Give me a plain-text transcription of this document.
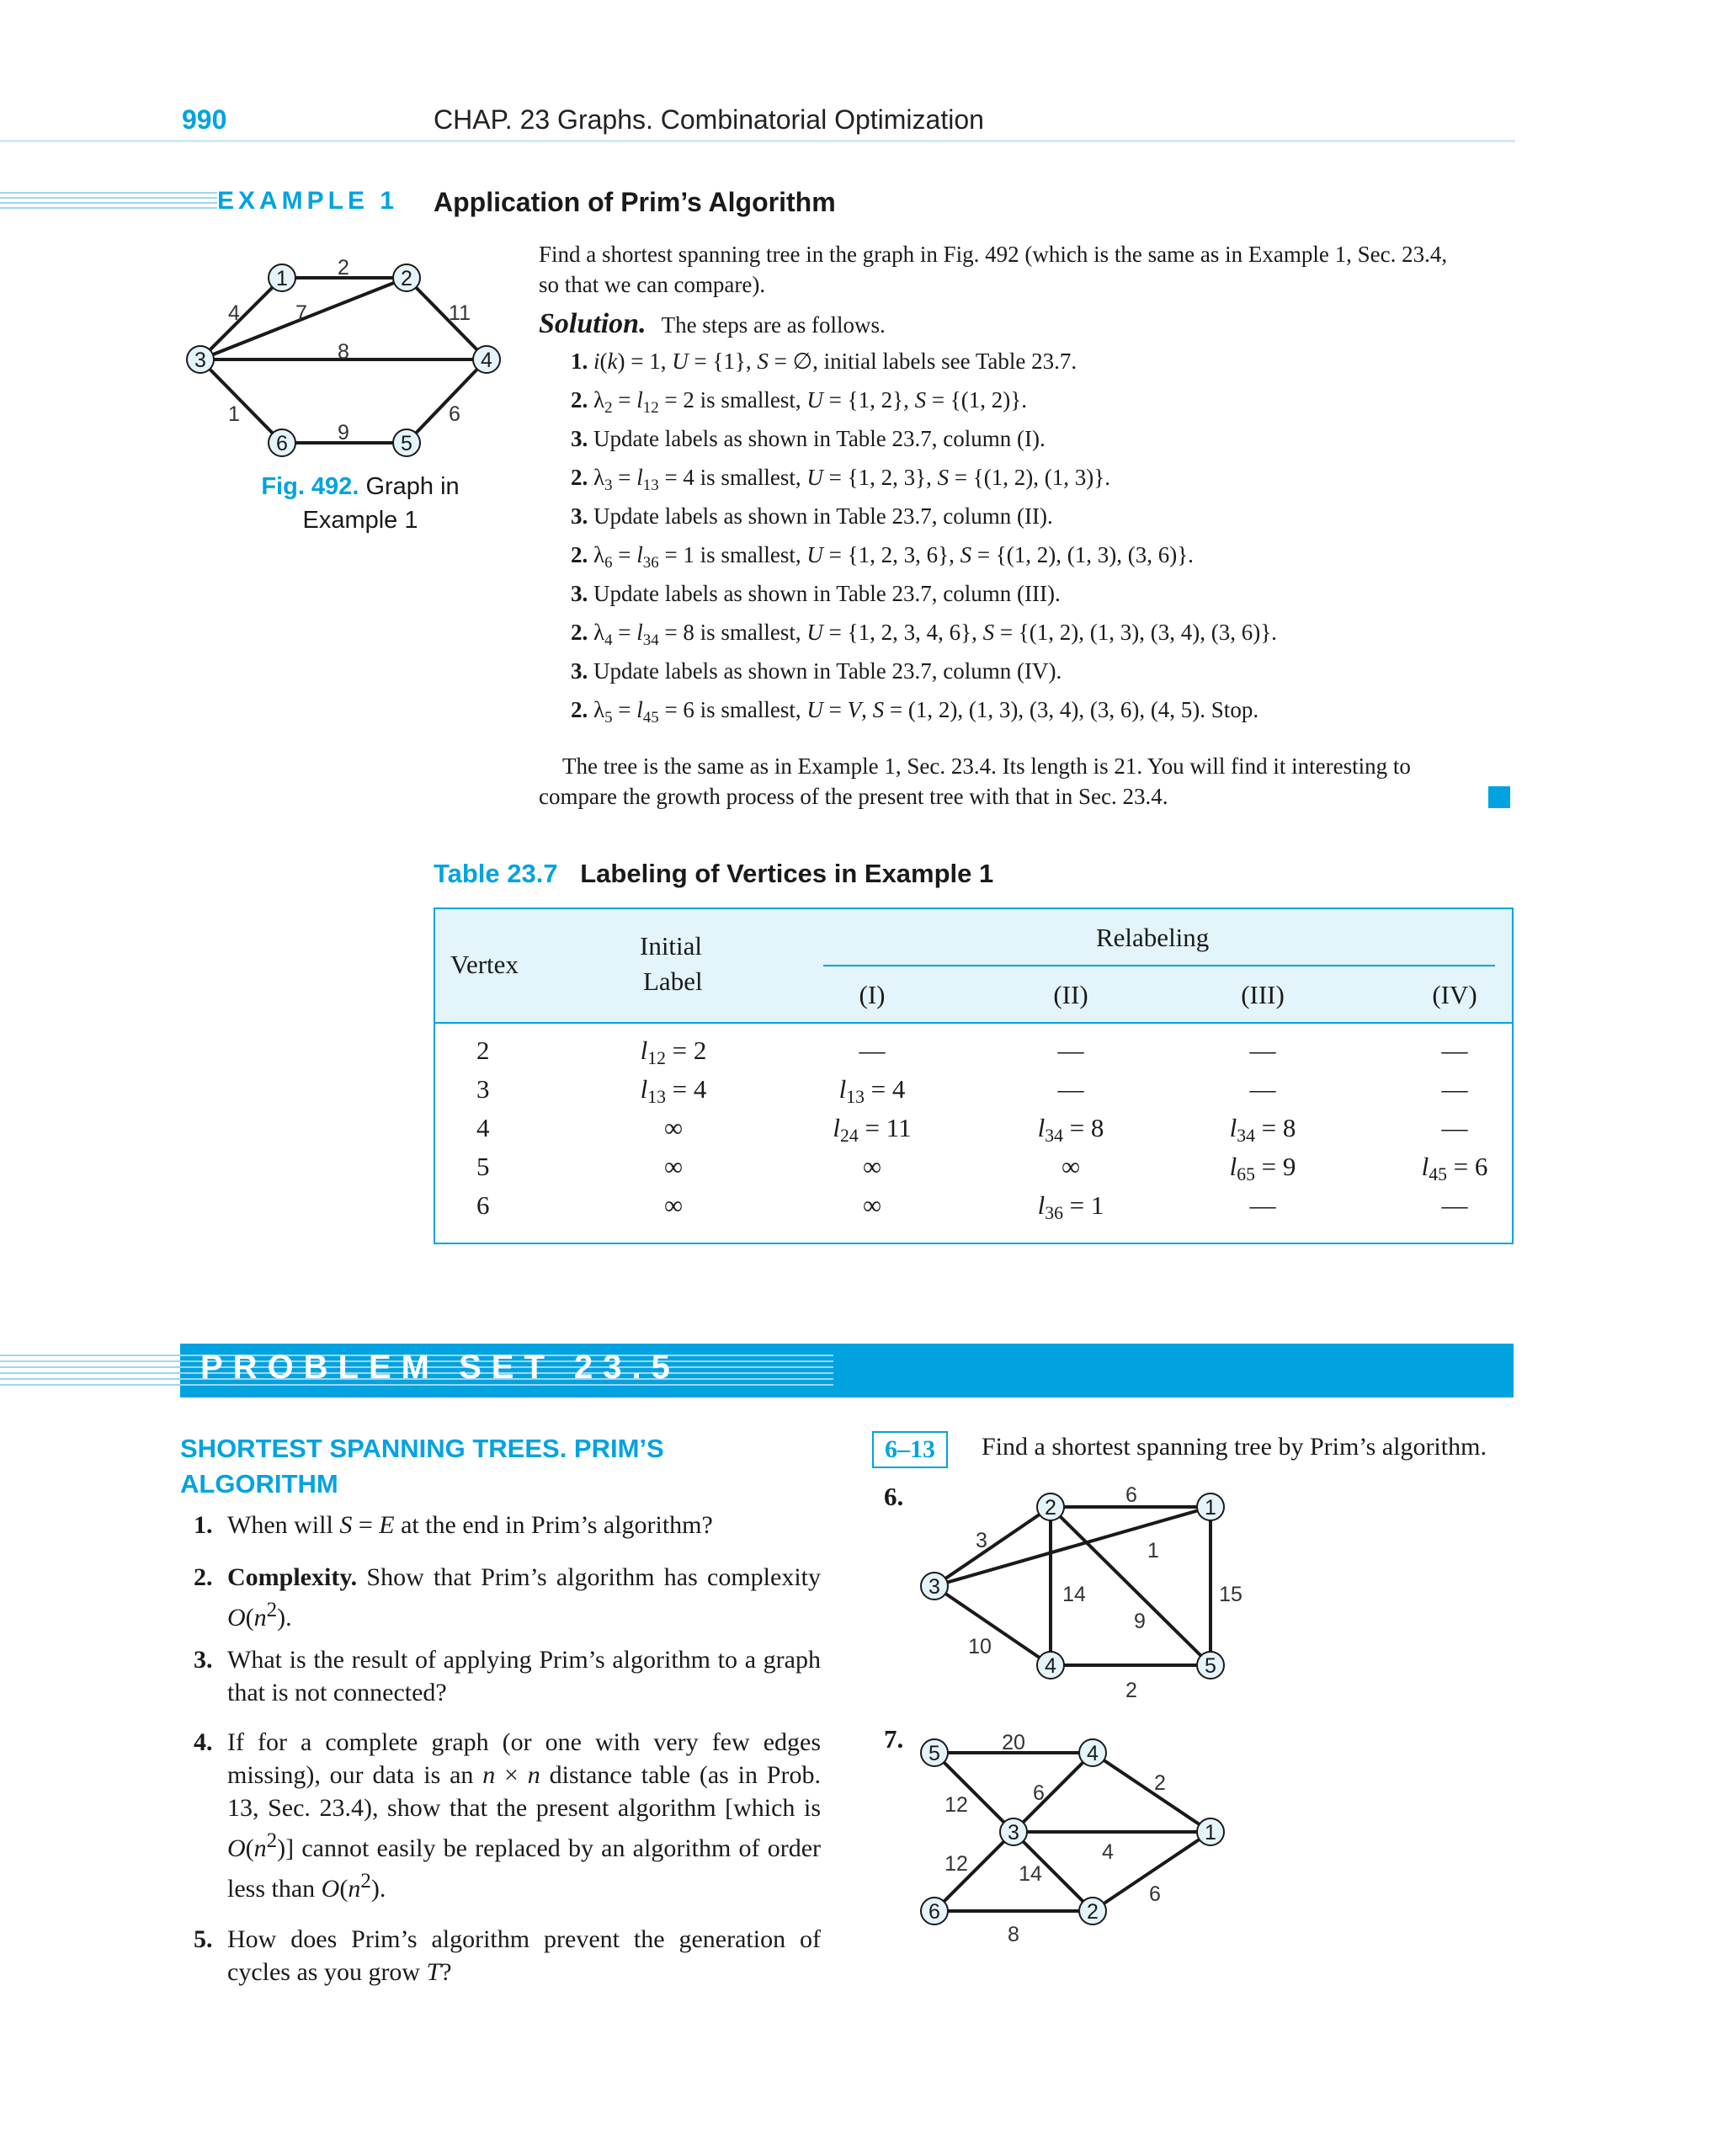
990	CHAP. 23 Graphs. Combinatorial Optimization
EXAMPLE 1 Application of Prim’s Algorithm
2
4	7	11
8
1	6
9
1	2
3	4
6	5
Fig. 492. Graph in
Example 1
Find a shortest spanning tree in the graph in Fig. 492 (which is the same as in Example 1, Sec. 23.4,
so that we can compare).
Solution. The steps are as follows.
1. i(k) = 1, U = {1}, S = ∅, initial labels see Table 23.7.
2. $\lambda_2 = l_{12} = 2$ is smallest, U = {1, 2}, S = {(1, 2)}.
3. Update labels as shown in Table 23.7, column (I).
2. $\lambda_3 = l_{13} = 4$ is smallest, U = {1, 2, 3}, S = {(1, 2), (1, 3)}.
3. Update labels as shown in Table 23.7, column (II).
2. $\lambda_6 = l_{36} = 1$ is smallest, U = {1, 2, 3, 6}, S = {(1, 2), (1, 3), (3, 6)}.
3. Update labels as shown in Table 23.7, column (III).
2. $\lambda_4 = l_{34} = 8$ is smallest, U = {1, 2, 3, 4, 6}, S = {(1, 2), (1, 3), (3, 4), (3, 6)}.
3. Update labels as shown in Table 23.7, column (IV).
2. $\lambda_5 = l_{45} = 6$ is smallest, U = V, S = (1, 2), (1, 3), (3, 4), (3, 6), (4, 5). Stop.
The tree is the same as in Example 1, Sec. 23.4. Its length is 21. You will find it interesting to
compare the growth process of the present tree with that in Sec. 23.4.
Table 23.7 Labeling of Vertices in Example 1
Vertex
Initial
Label
Relabeling
(I)	(II)	(III)	(IV)
2	$l_{12} = 2$	—	—	—	—
3	$l_{13} = 4$	$l_{13} = 4$	—	—	—
4	∞	$l_{24} = 11$	$l_{34} = 8$	$l_{34} = 8$	—
5	∞	∞	∞	$l_{65} = 9$	$l_{45} = 6$
6	∞	∞	$l_{36} = 1$	—	—
PROBLEM SET 23.5
SHORTEST SPANNING TREES. PRIM’S
ALGORITHM
1. When will S = E at the end in Prim’s algorithm?
2. Complexity. Show that Prim’s algorithm has complexity $O(n^2)$.
3. What is the result of applying Prim’s algorithm to a graph that is not connected?
4. If for a complete graph (or one with very few edges missing), our data is an n × n distance table (as in Prob. 13, Sec. 23.4), show that the present algorithm [which is $O(n^2)$] cannot easily be replaced by an algorithm of order less than $O(n^2)$.
5. How does Prim’s algorithm prevent the generation of cycles as you grow T?
6–13	Find a shortest spanning tree by Prim’s algorithm.
6.
7.
6
3	1
14
9
15
10
2
2	1
3
4	5
20
12	6	2
4
12 14
6
8
5	4
3	1
6	2
